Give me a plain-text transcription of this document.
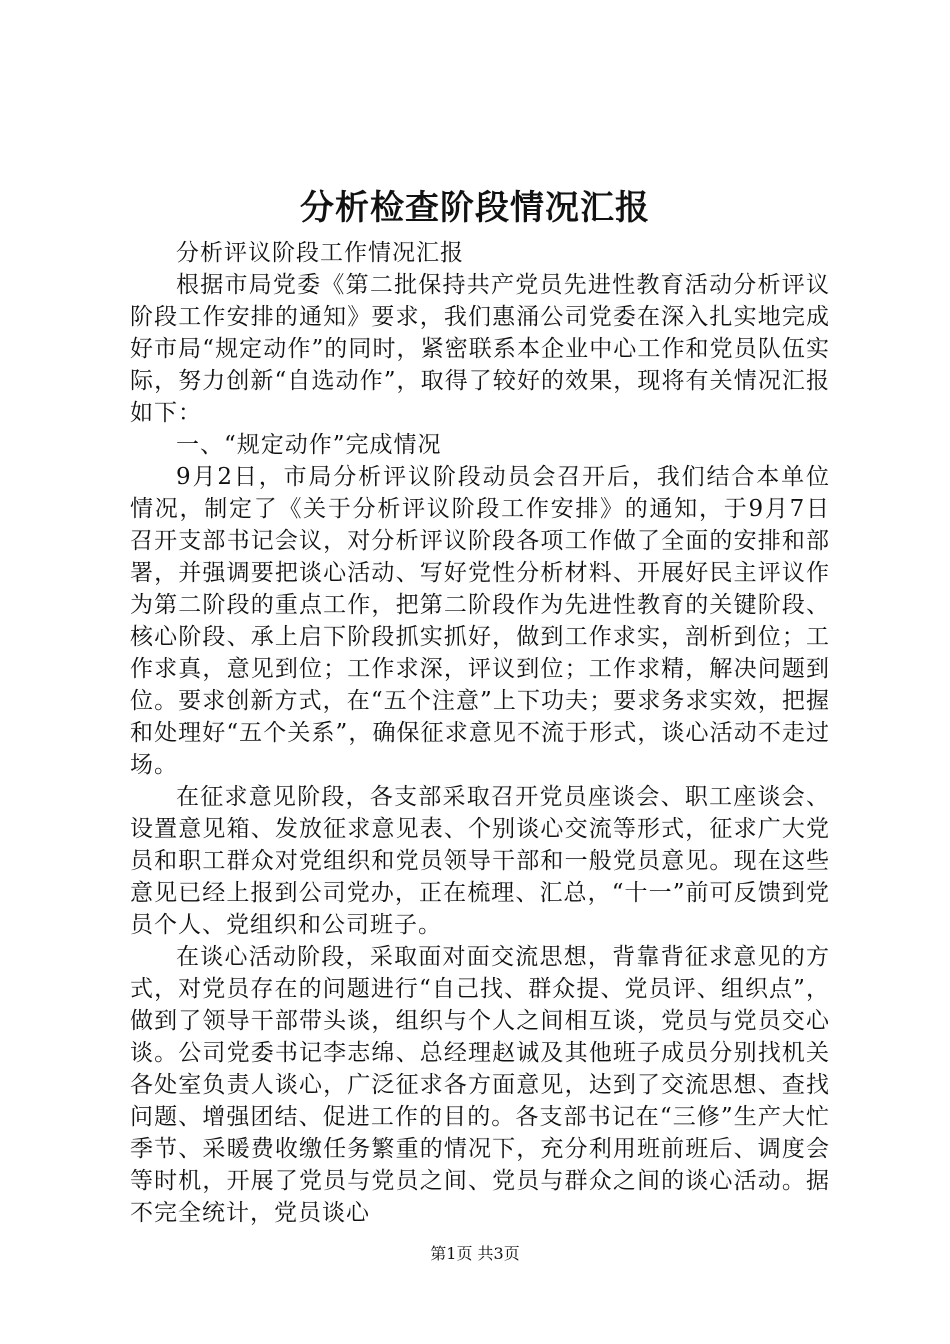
分析检查阶段情况汇报

分析评议阶段工作情况汇报

根据市局党委《第二批保持共产党员先进性教育活动分析评议阶段工作安排的通知》要求，我们惠涌公司党委在深入扎实地完成好市局“规定动作”的同时，紧密联系本企业中心工作和党员队伍实际，努力创新“自选动作”，取得了较好的效果，现将有关情况汇报如下：

一、“规定动作”完成情况

9月2日，市局分析评议阶段动员会召开后，我们结合本单位情况，制定了《关于分析评议阶段工作安排》的通知，于9月7日召开支部书记会议，对分析评议阶段各项工作做了全面的安排和部署，并强调要把谈心活动、写好党性分析材料、开展好民主评议作为第二阶段的重点工作，把第二阶段作为先进性教育的关键阶段、核心阶段、承上启下阶段抓实抓好，做到工作求实，剖析到位；工作求真，意见到位；工作求深，评议到位；工作求精，解决问题到位。要求创新方式，在“五个注意”上下功夫；要求务求实效，把握和处理好“五个关系”，确保征求意见不流于形式，谈心活动不走过场。

在征求意见阶段，各支部采取召开党员座谈会、职工座谈会、设置意见箱、发放征求意见表、个别谈心交流等形式，征求广大党员和职工群众对党组织和党员领导干部和一般党员意见。现在这些意见已经上报到公司党办，正在梳理、汇总，“十一”前可反馈到党员个人、党组织和公司班子。

在谈心活动阶段，采取面对面交流思想，背靠背征求意见的方式，对党员存在的问题进行“自己找、群众提、党员评、组织点”，做到了领导干部带头谈，组织与个人之间相互谈，党员与党员交心谈。公司党委书记李志绵、总经理赵诚及其他班子成员分别找机关各处室负责人谈心，广泛征求各方面意见，达到了交流思想、查找问题、增强团结、促进工作的目的。各支部书记在“三修”生产大忙季节、采暖费收缴任务繁重的情况下，充分利用班前班后、调度会等时机，开展了党员与党员之间、党员与群众之间的谈心活动。据不完全统计，党员谈心

第1页 共3页
